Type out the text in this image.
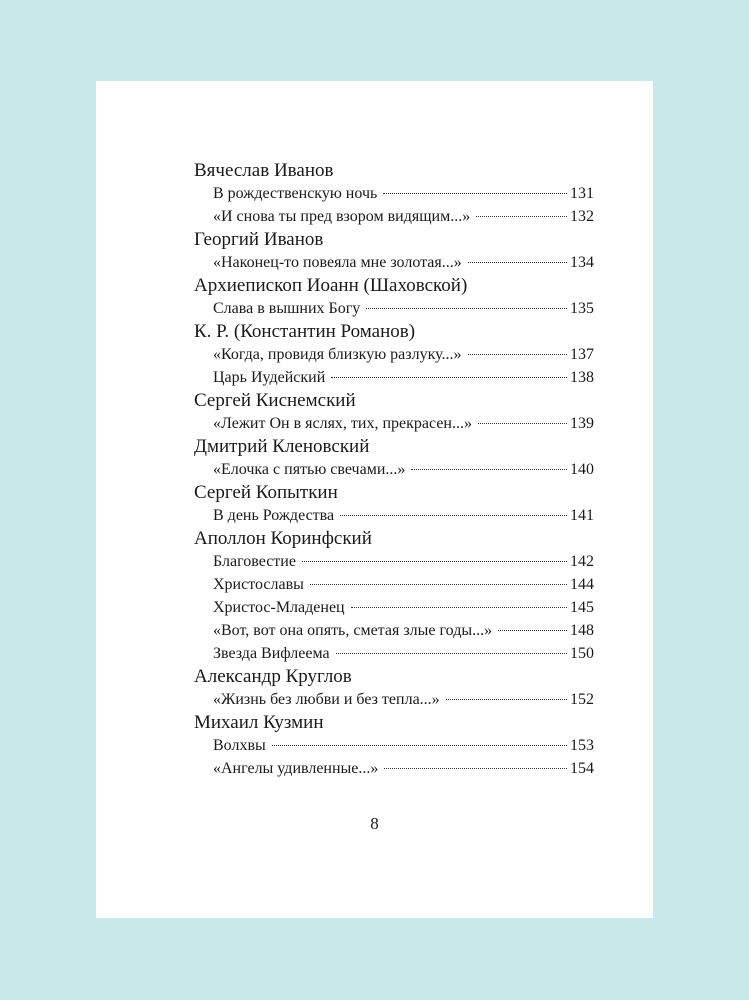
Вячеслав Иванов
В рождественскую ночь	131
«И снова ты пред взором видящим...»	132
Георгий Иванов
«Наконец-то повеяла мне золотая...»	134
Архиепископ Иоанн (Шаховской)
Слава в вышних Богу	135
К. Р. (Константин Романов)
«Когда, провидя близкую разлуку...»	137
Царь Иудейский	138
Сергей Киснемский
«Лежит Он в яслях, тих, прекрасен...»	139
Дмитрий Кленовский
«Елочка с пятью свечами...»	140
Сергей Копыткин
В день Рождества	141
Аполлон Коринфский
Благовестие	142
Христославы	144
Христос-Младенец	145
«Вот, вот она опять, сметая злые годы...»	148
Звезда Вифлеема	150
Александр Круглов
«Жизнь без любви и без тепла...»	152
Михаил Кузмин
Волхвы	153
«Ангелы удивленные...»	154
8
